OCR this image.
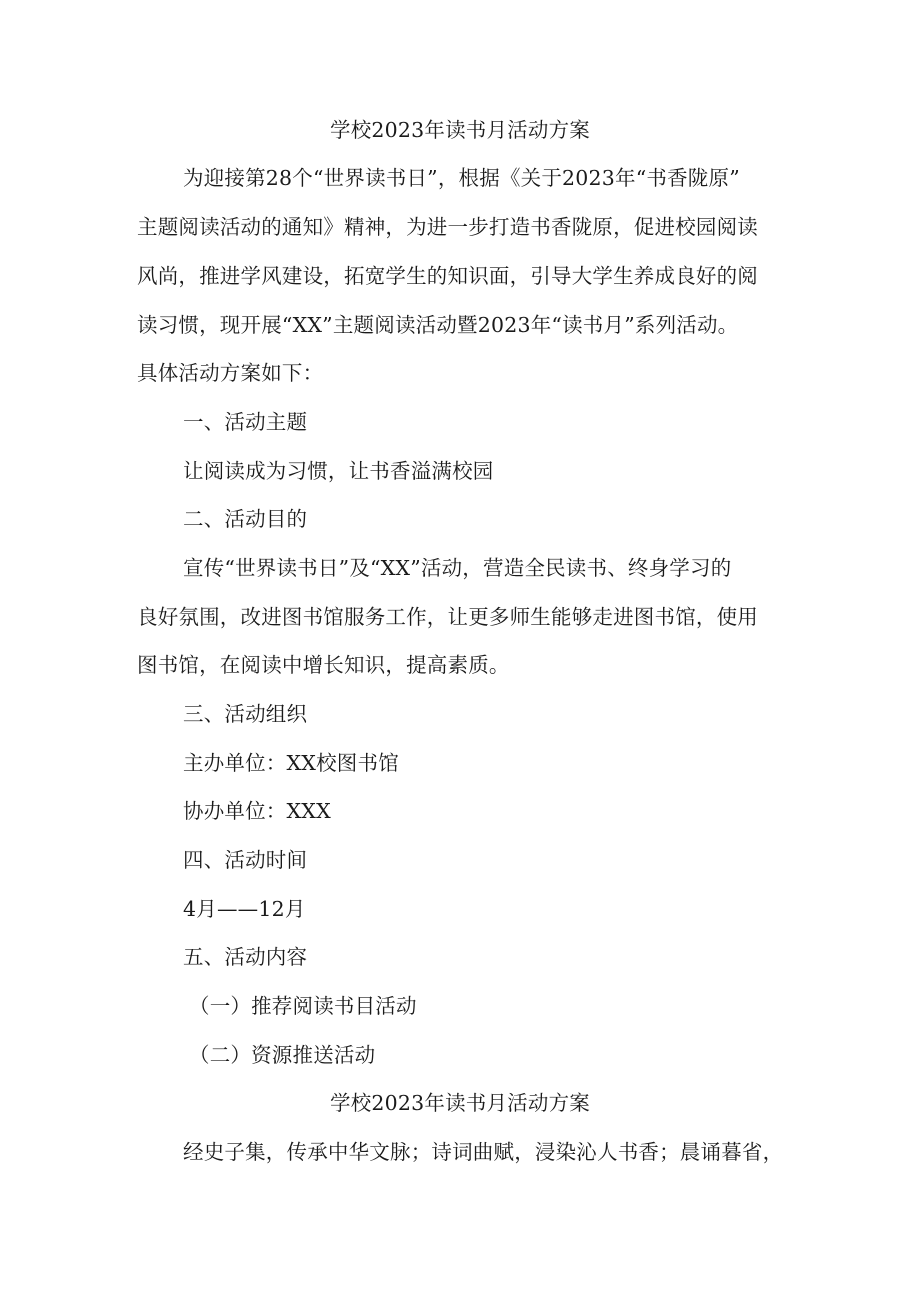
学校2023年读书月活动方案
为迎接第28个“世界读书日”，根据《关于2023年“书香陇原”
主题阅读活动的通知》精神，为进一步打造书香陇原，促进校园阅读
风尚，推进学风建设，拓宽学生的知识面，引导大学生养成良好的阅
读习惯，现开展“XX”主题阅读活动暨2023年“读书月”系列活动。
具体活动方案如下：
一、活动主题
让阅读成为习惯，让书香溢满校园
二、活动目的
宣传“世界读书日”及“XX”活动，营造全民读书、终身学习的
良好氛围，改进图书馆服务工作，让更多师生能够走进图书馆，使用
图书馆，在阅读中增长知识，提高素质。
三、活动组织
主办单位：XX校图书馆
协办单位：XXX
四、活动时间
4月——12月
五、活动内容
（一）推荐阅读书目活动
（二）资源推送活动
学校2023年读书月活动方案
经史子集，传承中华文脉；诗词曲赋，浸染沁人书香；晨诵暮省，
